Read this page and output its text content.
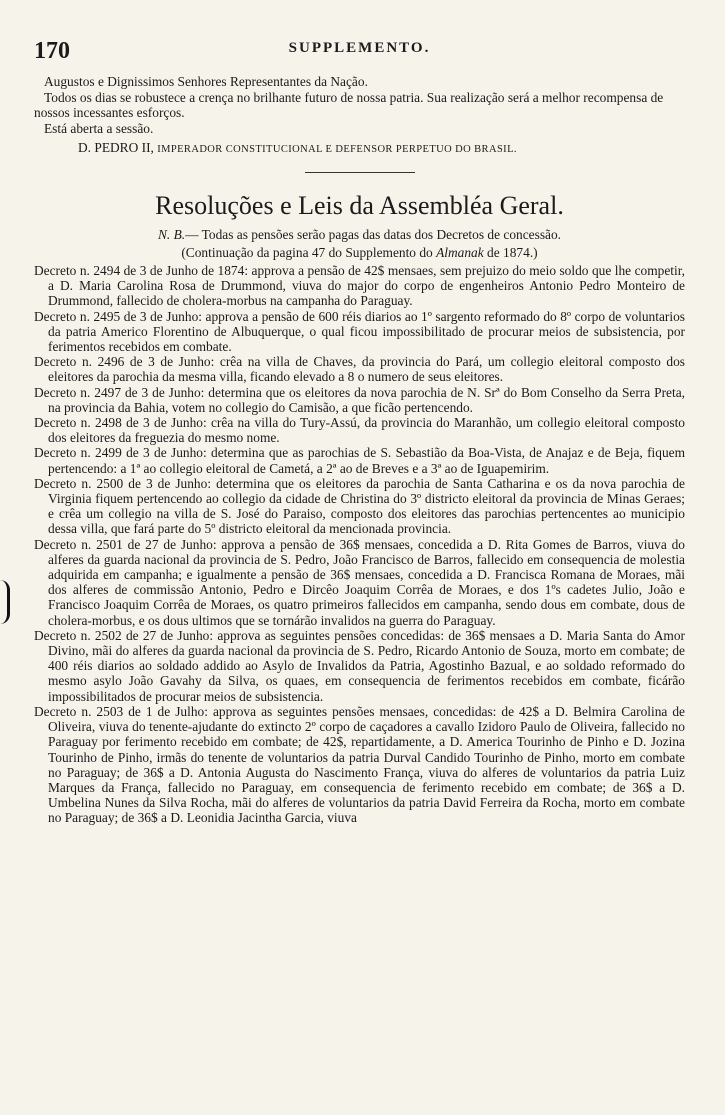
170	SUPPLEMENTO.

Augustos e Dignissimos Senhores Representantes da Nação.

Todos os dias se robustece a crença no brilhante futuro de nossa patria. Sua realização será a melhor recompensa de nossos incessantes esforços.

Está aberta a sessão.

D. PEDRO II, IMPERADOR CONSTITUCIONAL E DEFENSOR PERPETUO DO BRASIL.

Resoluções e Leis da Assembléa Geral.

N. B.— Todas as pensões serão pagas das datas dos Decretos de concessão.

(Continuação da pagina 47 do Supplemento do Almanak de 1874.)

Decreto n. 2494 de 3 de Junho de 1874: approva a pensão de 42$ mensaes, sem prejuizo do meio soldo que lhe competir, a D. Maria Carolina Rosa de Drummond, viuva do major do corpo de engenheiros Antonio Pedro Monteiro de Drummond, fallecido de cholera-morbus na campanha do Paraguay.

Decreto n. 2495 de 3 de Junho: approva a pensão de 600 réis diarios ao 1º sargento reformado do 8º corpo de voluntarios da patria Americo Florentino de Albuquerque, o qual ficou impossibilitado de procurar meios de subsistencia, por ferimentos recebidos em combate.

Decreto n. 2496 de 3 de Junho: crêa na villa de Chaves, da provincia do Pará, um collegio eleitoral composto dos eleitores da parochia da mesma villa, ficando elevado a 8 o numero de seus eleitores.

Decreto n. 2497 de 3 de Junho: determina que os eleitores da nova parochia de N. Srª do Bom Conselho da Serra Preta, na provincia da Bahia, votem no collegio do Camisão, a que ficão pertencendo.

Decreto n. 2498 de 3 de Junho: crêa na villa do Tury-Assú, da provincia do Maranhão, um collegio eleitoral composto dos eleitores da freguezia do mesmo nome.

Decreto n. 2499 de 3 de Junho: determina que as parochias de S. Sebastião da Boa-Vista, de Anajaz e de Beja, fiquem pertencendo: a 1ª ao collegio eleitoral de Cametá, a 2ª ao de Breves e a 3ª ao de Iguapemirim.

Decreto n. 2500 de 3 de Junho: determina que os eleitores da parochia de Santa Catharina e os da nova parochia de Virginia fiquem pertencendo ao collegio da cidade de Christina do 3º districto eleitoral da provincia de Minas Geraes; e crêa um collegio na villa de S. José do Paraiso, composto dos eleitores das parochias pertencentes ao municipio dessa villa, que fará parte do 5º districto eleitoral da mencionada provincia.

Decreto n. 2501 de 27 de Junho: approva a pensão de 36$ mensaes, concedida a D. Rita Gomes de Barros, viuva do alferes da guarda nacional da provincia de S. Pedro, João Francisco de Barros, fallecido em consequencia de molestia adquirida em campanha; e igualmente a pensão de 36$ mensaes, concedida a D. Francisca Romana de Moraes, mãi dos alferes de commissão Antonio, Pedro e Dircêo Joaquim Corrêa de Moraes, e dos 1ºs cadetes Julio, João e Francisco Joaquim Corrêa de Moraes, os quatro primeiros fallecidos em campanha, sendo dous em combate, dous de cholera-morbus, e os dous ultimos que se tornárão invalidos na guerra do Paraguay.

Decreto n. 2502 de 27 de Junho: approva as seguintes pensões concedidas: de 36$ mensaes a D. Maria Santa do Amor Divino, mãi do alferes da guarda nacional da provincia de S. Pedro, Ricardo Antonio de Souza, morto em combate; de 400 réis diarios ao soldado addido ao Asylo de Invalidos da Patria, Agostinho Bazual, e ao soldado reformado do mesmo asylo João Gavahy da Silva, os quaes, em consequencia de ferimentos recebidos em combate, ficárão impossibilitados de procurar meios de subsistencia.

Decreto n. 2503 de 1 de Julho: approva as seguintes pensões mensaes, concedidas: de 42$ a D. Belmira Carolina de Oliveira, viuva do tenente-ajudante do extincto 2º corpo de caçadores a cavallo Izidoro Paulo de Oliveira, fallecido no Paraguay por ferimento recebido em combate; de 42$, repartidamente, a D. America Tourinho de Pinho e D. Jozina Tourinho de Pinho, irmãs do tenente de voluntarios da patria Durval Candido Tourinho de Pinho, morto em combate no Paraguay; de 36$ a D. Antonia Augusta do Nascimento França, viuva do alferes de voluntarios da patria Luiz Marques da França, fallecido no Paraguay, em consequencia de ferimento recebido em combate; de 36$ a D. Umbelina Nunes da Silva Rocha, mãi do alferes de voluntarios da patria David Ferreira da Rocha, morto em combate no Paraguay; de 36$ a D. Leonidia Jacintha Garcia, viuva
